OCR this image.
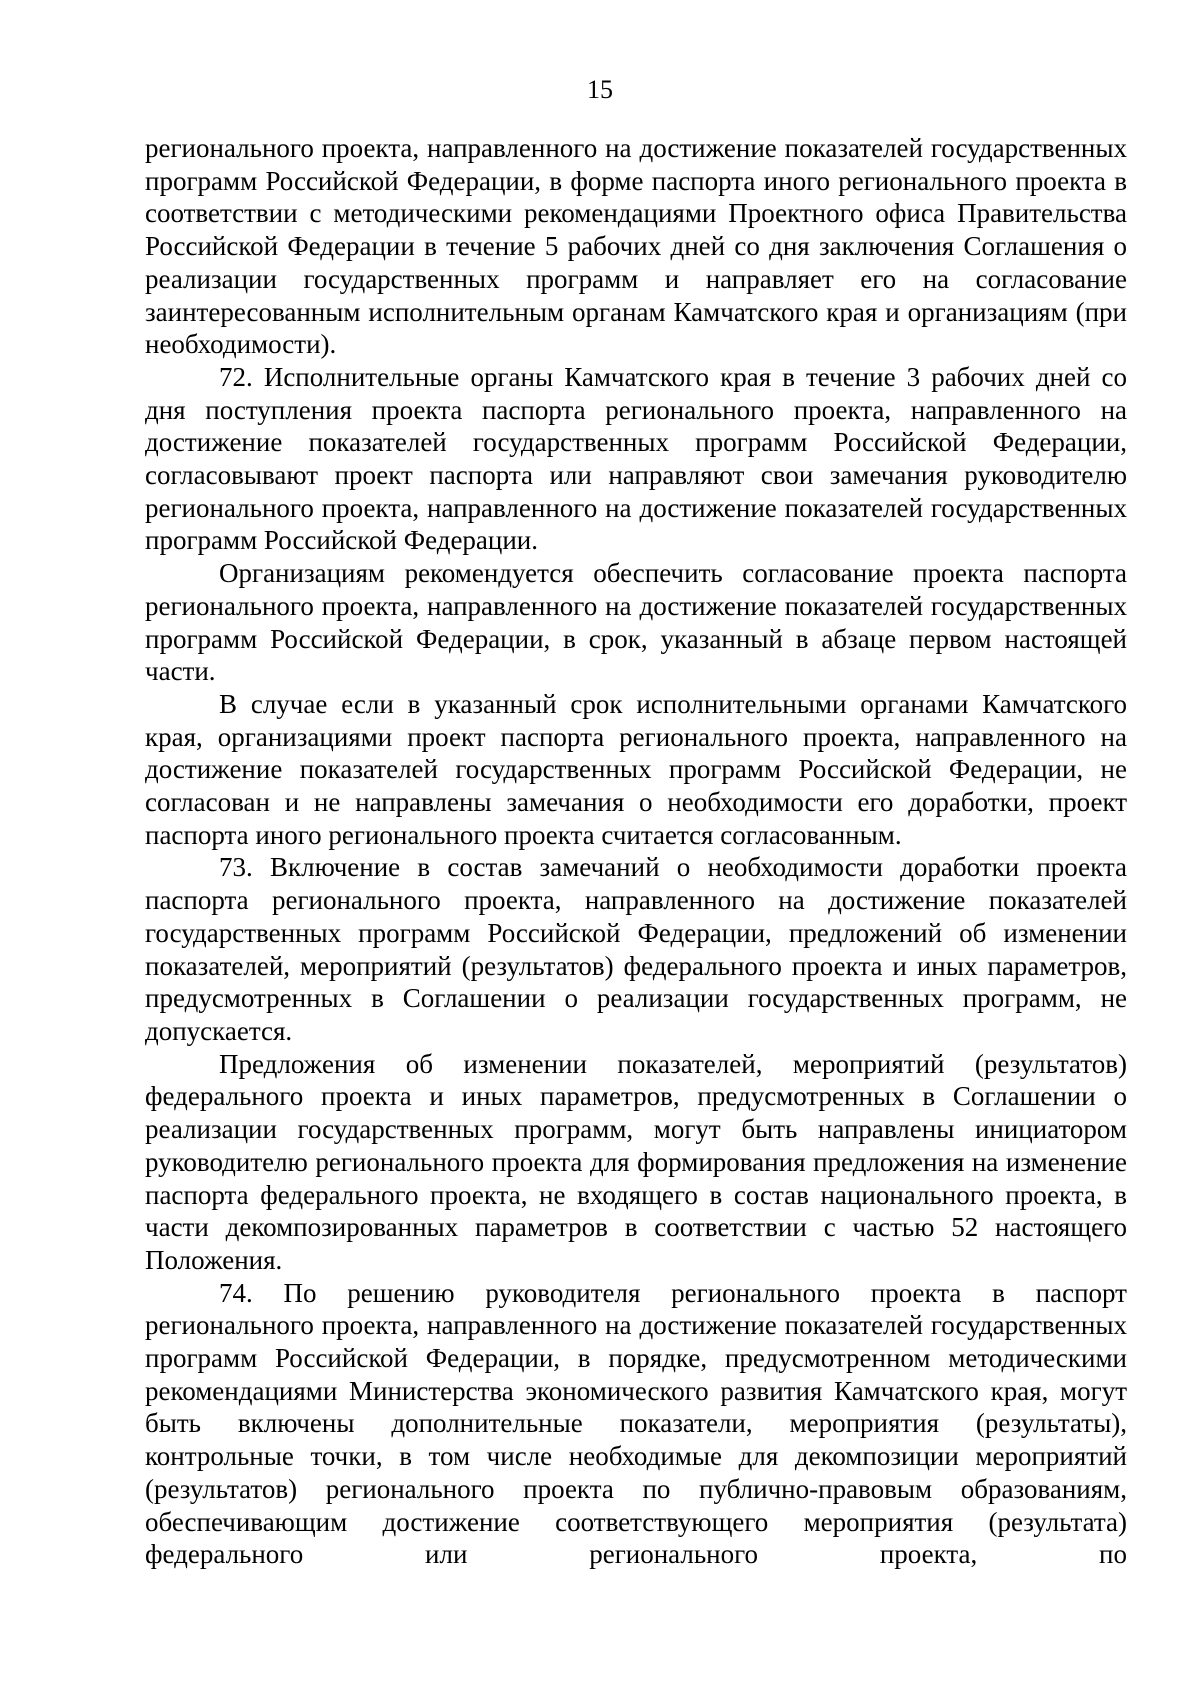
15

регионального проекта, направленного на достижение показателей государственных программ Российской Федерации, в форме паспорта иного регионального проекта в соответствии с методическими рекомендациями Проектного офиса Правительства Российской Федерации в течение 5 рабочих дней со дня заключения Соглашения о реализации государственных программ и направляет его на согласование заинтересованным исполнительным органам Камчатского края и организациям (при необходимости).

72. Исполнительные органы Камчатского края в течение 3 рабочих дней со дня поступления проекта паспорта регионального проекта, направленного на достижение показателей государственных программ Российской Федерации, согласовывают проект паспорта или направляют свои замечания руководителю регионального проекта, направленного на достижение показателей государственных программ Российской Федерации.

Организациям рекомендуется обеспечить согласование проекта паспорта регионального проекта, направленного на достижение показателей государственных программ Российской Федерации, в срок, указанный в абзаце первом настоящей части.

В случае если в указанный срок исполнительными органами Камчатского края, организациями проект паспорта регионального проекта, направленного на достижение показателей государственных программ Российской Федерации, не согласован и не направлены замечания о необходимости его доработки, проект паспорта иного регионального проекта считается согласованным.

73. Включение в состав замечаний о необходимости доработки проекта паспорта регионального проекта, направленного на достижение показателей государственных программ Российской Федерации, предложений об изменении показателей, мероприятий (результатов) федерального проекта и иных параметров, предусмотренных в Соглашении о реализации государственных программ, не допускается.

Предложения об изменении показателей, мероприятий (результатов) федерального проекта и иных параметров, предусмотренных в Соглашении о реализации государственных программ, могут быть направлены инициатором руководителю регионального проекта для формирования предложения на изменение паспорта федерального проекта, не входящего в состав национального проекта, в части декомпозированных параметров в соответствии с частью 52 настоящего Положения.

74. По решению руководителя регионального проекта в паспорт регионального проекта, направленного на достижение показателей государственных программ Российской Федерации, в порядке, предусмотренном методическими рекомендациями Министерства экономического развития Камчатского края, могут быть включены дополнительные показатели, мероприятия (результаты), контрольные точки, в том числе необходимые для декомпозиции мероприятий (результатов) регионального проекта по публично-правовым образованиям, обеспечивающим достижение соответствующего мероприятия (результата) федерального или регионального проекта, по
